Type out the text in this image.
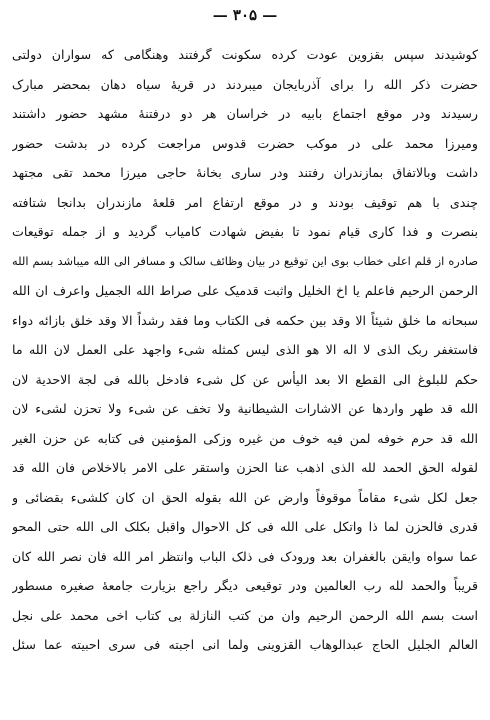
— ۳۰۵ —
کوشیدند سپس بقزوین عودت کرده سکونت گرفتند وهنگامی که سواران دولتی
حضرت ذکر الله را برای آذربایجان میبردند در قریهٔ سیاه دهان بمحضر مبارک
رسیدند ودر موقع اجتماع بابیه در خراسان هر دو درفتنهٔ مشهد حضور داشتند
ومیرزا محمد علی در موکب حضرت قدوس مراجعت کرده در بدشت حضور
داشت وبالاتفاق بمازندران رفتند ودر ساری بخانهٔ حاجی میرزا محمد تقی مجتهد
چندی با هم توقیف بودند و در موقع ارتفاع امر قلعهٔ مازندران بدانجا شتافته
بنصرت و فدا کاری قیام نمود تا بفیض شهادت کامیاب گردید و از جمله توقیعات
صادره از قلم اعلی خطاب بوی این توقیع در بیان وظائف سالک و مسافر الی الله میباشد بسم الله
الرحمن الرحیم فاعلم یا اخ الخلیل واثبت قدمیک علی صراط الله الجمیل واعرف ان الله
سبحانه ما خلق شیئاً الا وقد بین حکمه فی الکتاب وما فقد رشداً الا وقد خلق بازائه دواء
فاستغفر ربک الذی لا اله الا هو الذی لیس کمثله شیء واجهد علی العمل لان الله ما
حکم للبلوغ الی القطع الا بعد الیأس عن کل شیء فادخل بالله فی لجة الاحدیة لان
الله قد طهر واردها عن الاشارات الشیطانیة ولا تخف عن شیء ولا تحزن لشیء لان
الله قد حرم خوفه لمن فیه خوف من غیره وزکی المؤمنین فی کتابه عن حزن الغیر
لقوله الحق الحمد لله الذی اذهب عنا الحزن واستقر علی الامر بالاخلاص فان الله قد
جعل لکل شیء مقاماً موقوفاً وارض عن الله بقوله الحق ان کان کلشیء بقضائی و
قدری فالحزن لما ذا واتکل علی الله فی کل الاحوال واقبل بکلک الی الله حتی المحو
عما سواه وایقن بالغفران بعد ورودک فی ذلک الباب وانتظر امر الله فان نصر الله کان
قریباً والحمد لله رب العالمین ودر توقیعی دیگر راجع بزیارت جامعهٔ صغیره مسطور
است بسم الله الرحمن الرحیم وان من کتب النازلة بی کتاب اخی محمد علی نجل
العالم الجلیل الحاج عبدالوهاب القزوینی ولما انی اجبته فی سری احبیته عما سئل
